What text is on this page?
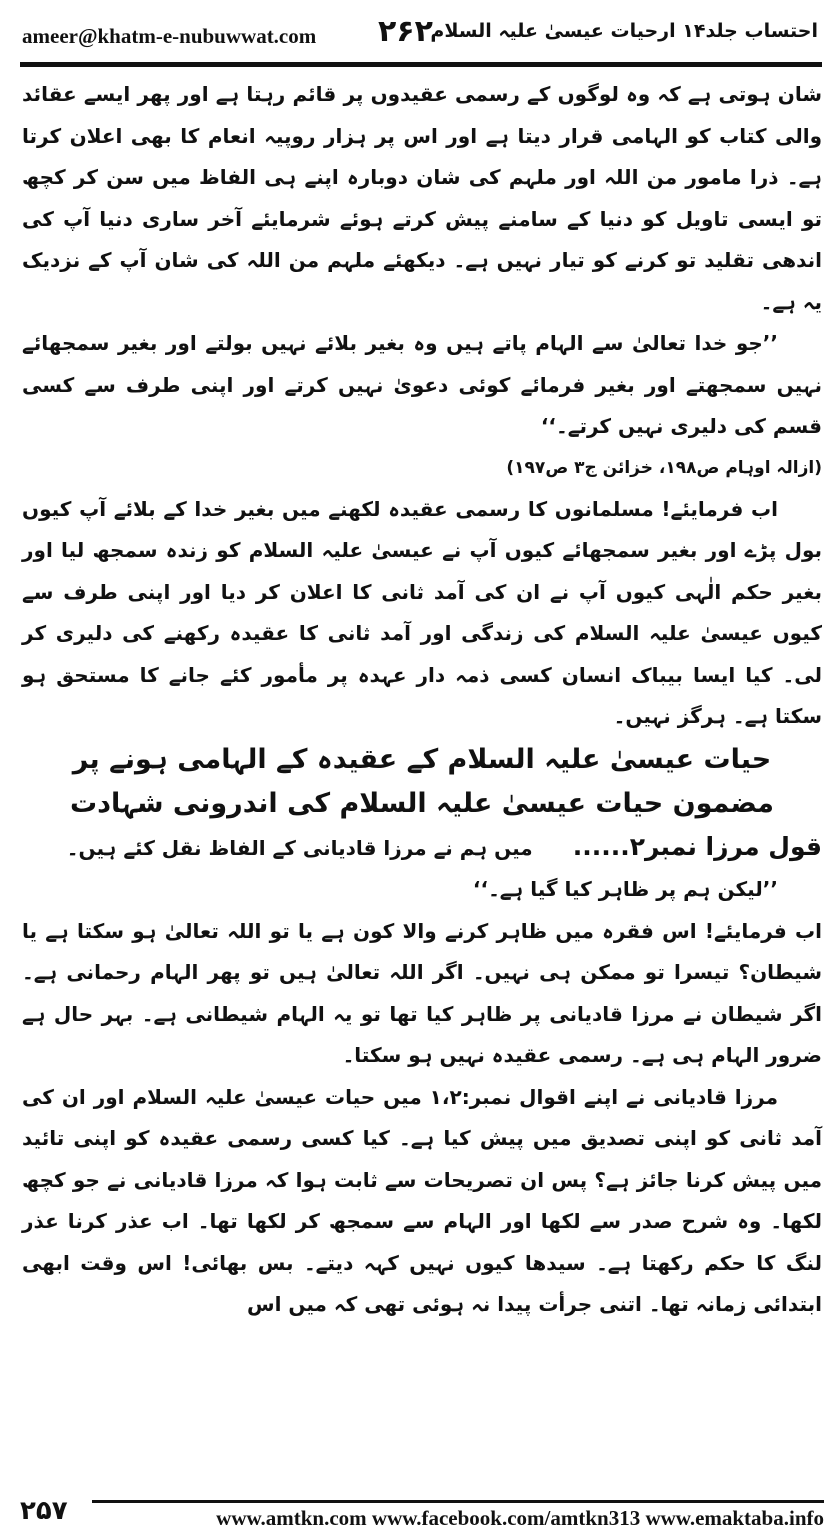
ameer@khatm-e-nubuwwat.com ۲۶۲
احتساب جلد۱۴ ارحیات عیسیٰ علیہ السلام

شان ہوتی ہے کہ وہ لوگوں کے رسمی عقیدوں پر قائم رہتا ہے اور پھر ایسے عقائد والی کتاب کو الہامی قرار دیتا ہے اور اس پر ہزار روپیہ انعام کا بھی اعلان کرتا ہے۔ ذرا مامور من اللہ اور ملہم کی شان دوبارہ اپنے ہی الفاظ میں سن کر کچھ تو ایسی تاویل کو دنیا کے سامنے پیش کرتے ہوئے شرمایئے آخر ساری دنیا آپ کی اندھی تقلید تو کرنے کو تیار نہیں ہے۔ دیکھئے ملہم من اللہ کی شان آپ کے نزدیک یہ ہے۔

’’جو خدا تعالیٰ سے الہام پاتے ہیں وہ بغیر بلائے نہیں بولتے اور بغیر سمجھائے نہیں سمجھتے اور بغیر فرمائے کوئی دعویٰ نہیں کرتے اور اپنی طرف سے کسی قسم کی دلیری نہیں کرتے۔‘‘

(ازالہ اوہام ص۱۹۸، خزائن ج۳ ص۱۹۷)

اب فرمایئے! مسلمانوں کا رسمی عقیدہ لکھنے میں بغیر خدا کے بلائے آپ کیوں بول پڑے اور بغیر سمجھائے کیوں آپ نے عیسیٰ علیہ السلام کو زندہ سمجھ لیا اور بغیر حکم الٰہی کیوں آپ نے ان کی آمد ثانی کا اعلان کر دیا اور اپنی طرف سے کیوں عیسیٰ علیہ السلام کی زندگی اور آمد ثانی کا عقیدہ رکھنے کی دلیری کر لی۔ کیا ایسا بیباک انسان کسی ذمہ دار عہدہ پر مأمور کئے جانے کا مستحق ہو سکتا ہے۔ ہرگز نہیں۔

حیات عیسیٰ علیہ السلام کے عقیدہ کے الہامی ہونے پر

مضمون حیات عیسیٰ علیہ السلام کی اندرونی شہادت

قول مرزا نمبر۲......
میں ہم نے مرزا قادیانی کے الفاظ نقل کئے ہیں۔

’’لیکن ہم پر ظاہر کیا گیا ہے۔‘‘

اب فرمایئے! اس فقرہ میں ظاہر کرنے والا کون ہے یا تو اللہ تعالیٰ ہو سکتا ہے یا شیطان؟ تیسرا تو ممکن ہی نہیں۔ اگر اللہ تعالیٰ ہیں تو پھر الہام رحمانی ہے۔ اگر شیطان نے مرزا قادیانی پر ظاہر کیا تھا تو یہ الہام شیطانی ہے۔ بہر حال ہے ضرور الہام ہی ہے۔ رسمی عقیدہ نہیں ہو سکتا۔

مرزا قادیانی نے اپنے اقوال نمبر:۱،۲ میں حیات عیسیٰ علیہ السلام اور ان کی آمد ثانی کو اپنی تصدیق میں پیش کیا ہے۔ کیا کسی رسمی عقیدہ کو اپنی تائید میں پیش کرنا جائز ہے؟ پس ان تصریحات سے ثابت ہوا کہ مرزا قادیانی نے جو کچھ لکھا۔ وہ شرح صدر سے لکھا اور الہام سے سمجھ کر لکھا تھا۔ اب عذر کرنا عذر لنگ کا حکم رکھتا ہے۔ سیدھا کیوں نہیں کہہ دیتے۔ بس بھائی! اس وقت ابھی ابتدائی زمانہ تھا۔ اتنی جرأت پیدا نہ ہوئی تھی کہ میں اس

۲۵۷	www.amtkn.com www.facebook.com/amtkn313 www.emaktaba.info
